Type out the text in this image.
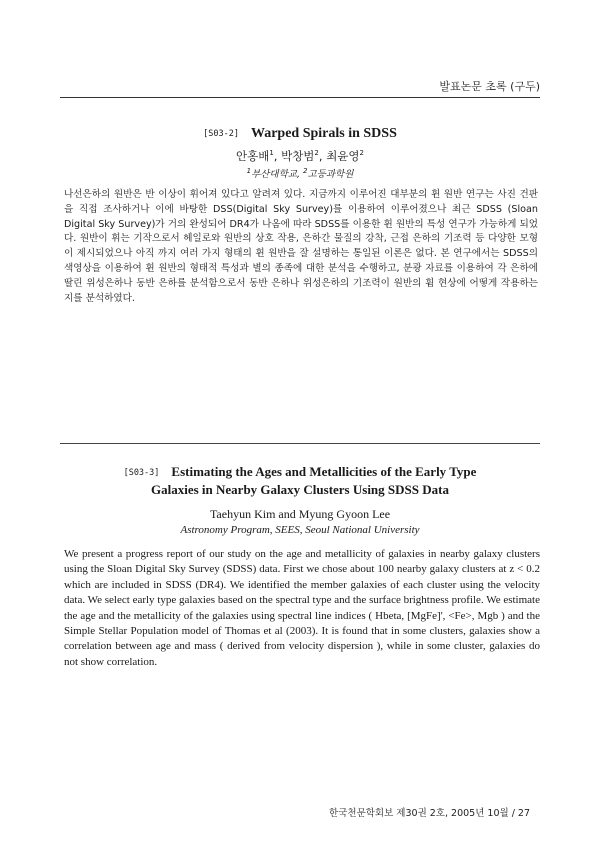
발표논문 초록 (구두)
[S03-2] Warped Spirals in SDSS
안홍배$^1$, 박창범$^2$, 최윤영$^2$
$^1$부산대학교, $^2$고등과학원

나선은하의 원반은 반 이상이 휘어져 있다고 알려져 있다. 지금까지 이루어진 대부분의 휜 원반 연구는 사진 건판을 직접 조사하거나 이에 바탕한 DSS(Digital Sky Survey)를 이용하여 이루어졌으나 최근 SDSS (Sloan Digital Sky Survey)가 거의 완성되어 DR4가 나옴에 따라 SDSS를 이용한 휜 원반의 특성 연구가 가능하게 되었다. 원반이 휘는 기작으로서 헤일로와 원반의 상호 작용, 은하간 물질의 강착, 근접 은하의 기조력 등 다양한 모형이 제시되었으나 아직 까지 여러 가지 형태의 휜 원반을 잘 설명하는 통일된 이론은 없다. 본 연구에서는 SDSS의 색영상을 이용하여 휜 원반의 형태적 특성과 별의 종족에 대한 분석을 수행하고, 분광 자료를 이용하여 각 은하에 딸린 위성은하나 동반 은하를 분석함으로서 동반 은하나 위성은하의 기조력이 원반의 휨 현상에 어떻게 작용하는지를 분석하였다.

[S03-3] Estimating the Ages and Metallicities of the Early Type
Galaxies in Nearby Galaxy Clusters Using SDSS Data
Taehyun Kim and Myung Gyoon Lee
Astronomy Program, SEES, Seoul National University

We present a progress report of our study on the age and metallicity of galaxies in nearby galaxy clusters using the Sloan Digital Sky Survey (SDSS) data. First we chose about 100 nearby galaxy clusters at z < 0.2 which are included in SDSS (DR4). We identified the member galaxies of each cluster using the velocity data. We select early type galaxies based on the spectral type and the surface brightness profile. We estimate the age and the metallicity of the galaxies using spectral line indices ( Hbeta, [MgFe]', <Fe>, Mgb ) and the Simple Stellar Population model of Thomas et al (2003). It is found that in some clusters, galaxies show a correlation between age and mass ( derived from velocity dispersion ), while in some cluster, galaxies do not show correlation.

한국천문학회보 제30권 2호, 2005년 10월 / 27
